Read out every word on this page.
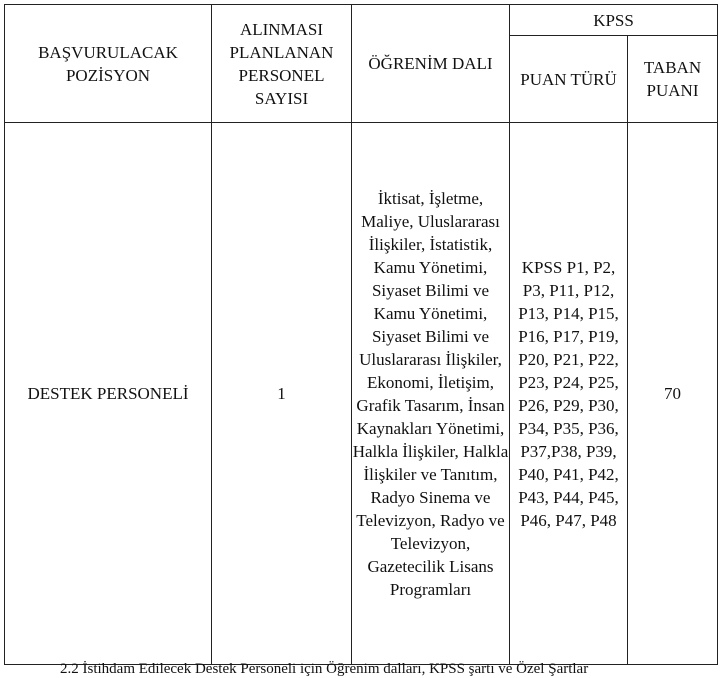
BAŞVURULACAK POZİSYON	ALINMASI PLANLANAN PERSONEL SAYISI	ÖĞRENİM DALI	KPSS	
			PUAN TÜRÜ	TABAN PUANI
DESTEK PERSONELİ	1	İktisat, İşletme, Maliye, Uluslararası İlişkiler, İstatistik, Kamu Yönetimi, Siyaset Bilimi ve Kamu Yönetimi, Siyaset Bilimi ve Uluslararası İlişkiler, Ekonomi, İletişim, Grafik Tasarım, İnsan Kaynakları Yönetimi, Halkla İlişkiler, Halkla İlişkiler ve Tanıtım, Radyo Sinema ve Televizyon, Radyo ve Televizyon, Gazetecilik Lisans Programları	KPSS P1, P2, P3, P11, P12, P13, P14, P15, P16, P17, P19, P20, P21, P22, P23, P24, P25, P26, P29, P30, P34, P35, P36, P37,P38, P39, P40, P41, P42, P43, P44, P45, P46, P47, P48	70
2.2 İstihdam Edilecek Destek Personeli için Öğrenim dalları, KPSS şartı ve Özel Şartlar
